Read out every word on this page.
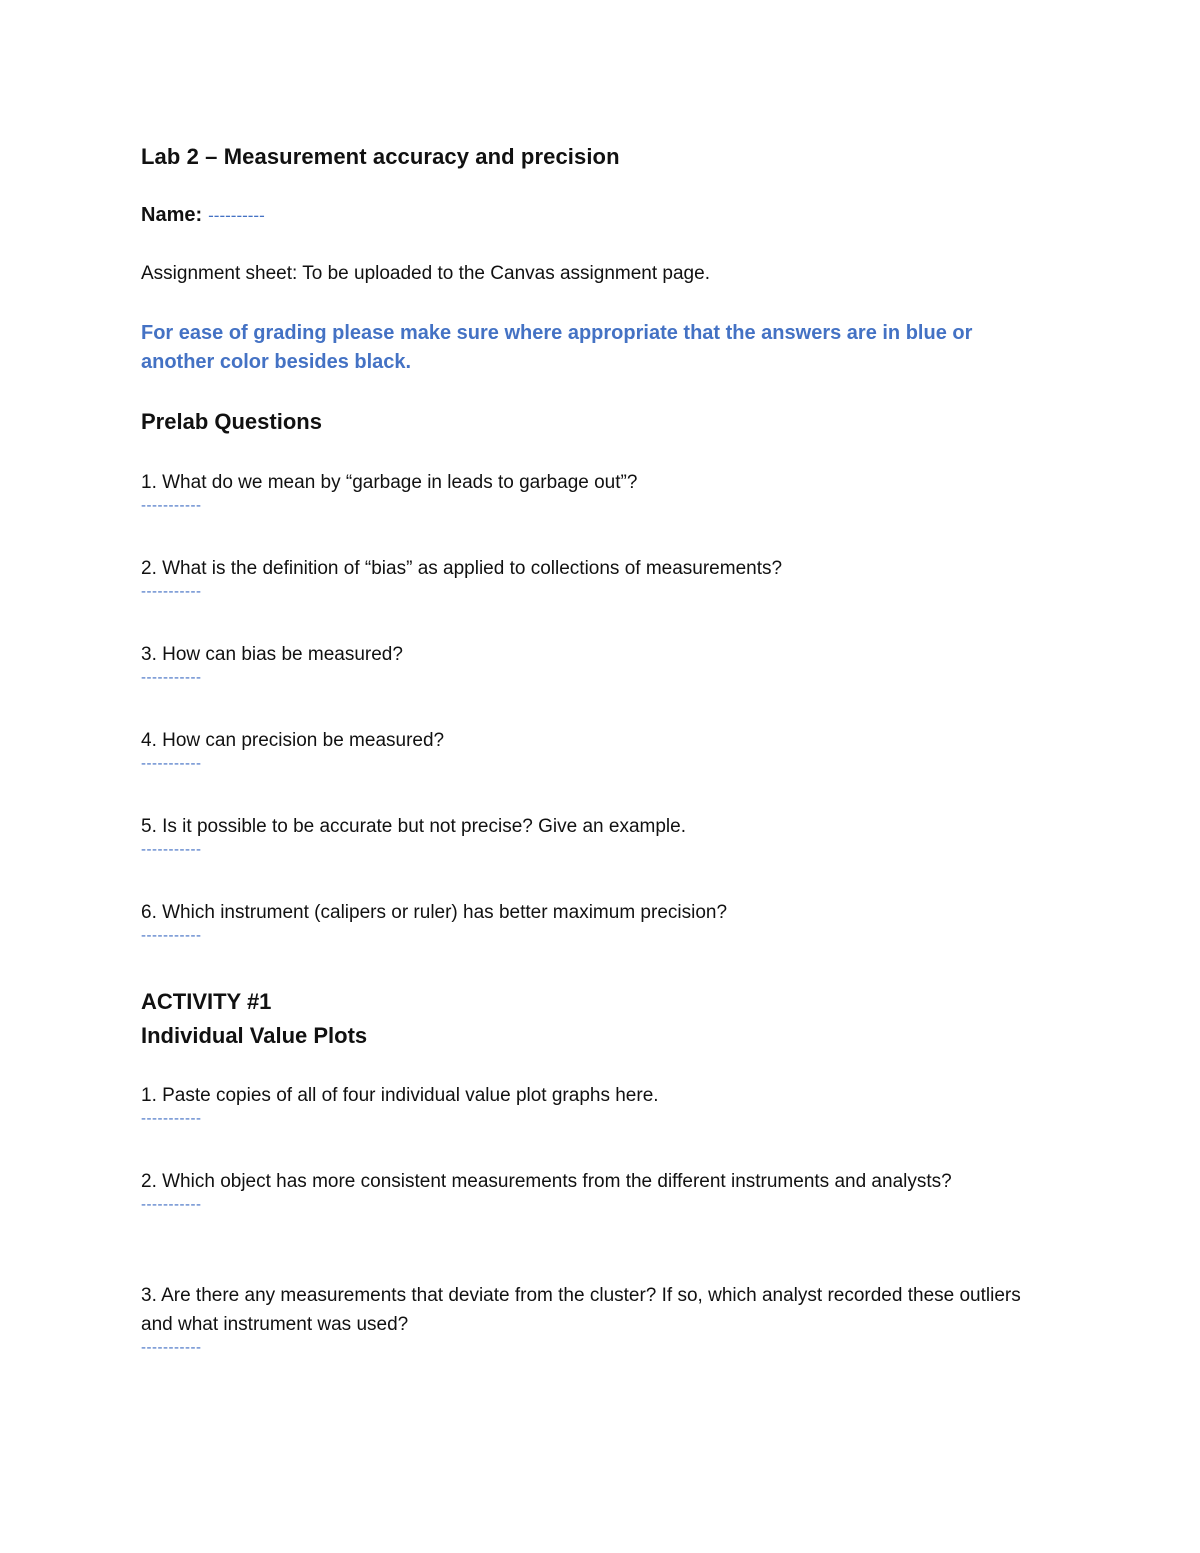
Lab 2 – Measurement accuracy and precision
Name: ----------
Assignment sheet: To be uploaded to the Canvas assignment page.
For ease of grading please make sure where appropriate that the answers are in blue or another color besides black.
Prelab Questions
1. What do we mean by “garbage in leads to garbage out”?
-----------
2. What is the definition of “bias” as applied to collections of measurements?
-----------
3. How can bias be measured?
-----------
4. How can precision be measured?
-----------
5. Is it possible to be accurate but not precise? Give an example.
-----------
6. Which instrument (calipers or ruler) has better maximum precision?
-----------
ACTIVITY #1
Individual Value Plots
1. Paste copies of all of four individual value plot graphs here.
-----------
2. Which object has more consistent measurements from the different instruments and analysts?
-----------
3. Are there any measurements that deviate from the cluster? If so, which analyst recorded these outliers and what instrument was used?
-----------
